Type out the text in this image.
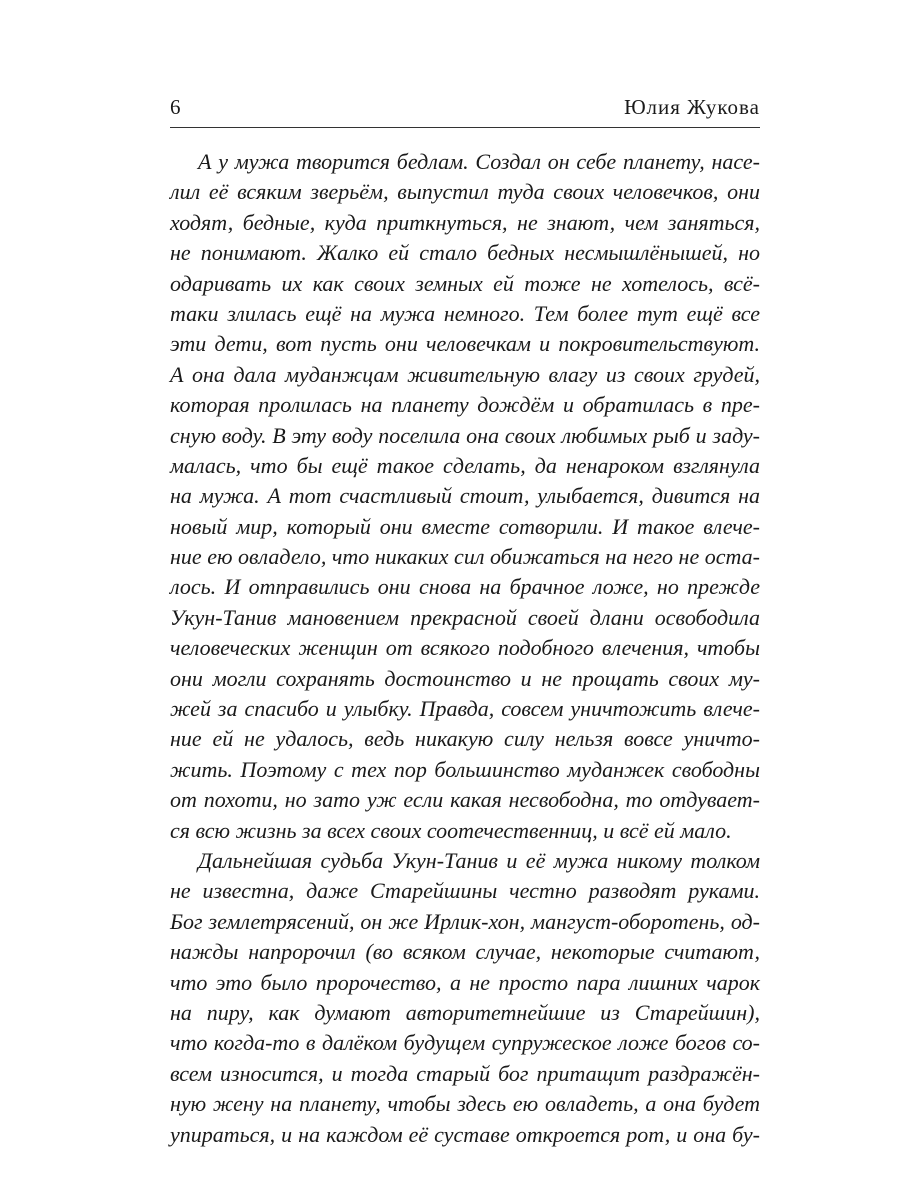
6	Юлия Жукова
А у мужа творится бедлам. Создал он себе планету, насе-
лил её всяким зверьём, выпустил туда своих человечков, они
ходят, бедные, куда приткнуться, не знают, чем заняться,
не понимают. Жалко ей стало бедных несмышлёнышей, но
одаривать их как своих земных ей тоже не хотелось, всё-
таки злилась ещё на мужа немного. Тем более тут ещё все
эти дети, вот пусть они человечкам и покровительствуют.
А она дала муданжцам живительную влагу из своих грудей,
которая пролилась на планету дождём и обратилась в пре-
сную воду. В эту воду поселила она своих любимых рыб и заду-
малась, что бы ещё такое сделать, да ненароком взглянула
на мужа. А тот счастливый стоит, улыбается, дивится на
новый мир, который они вместе сотворили. И такое влече-
ние ею овладело, что никаких сил обижаться на него не оста-
лось. И отправились они снова на брачное ложе, но прежде
Укун-Танив мановением прекрасной своей длани освободила
человеческих женщин от всякого подобного влечения, чтобы
они могли сохранять достоинство и не прощать своих му-
жей за спасибо и улыбку. Правда, совсем уничтожить влече-
ние ей не удалось, ведь никакую силу нельзя вовсе уничто-
жить. Поэтому с тех пор большинство муданжек свободны
от похоти, но зато уж если какая несвободна, то отдувает-
ся всю жизнь за всех своих соотечественниц, и всё ей мало.
Дальнейшая судьба Укун-Танив и её мужа никому толком
не известна, даже Старейшины честно разводят руками.
Бог землетрясений, он же Ирлик-хон, мангуст-оборотень, од-
нажды напророчил (во всяком случае, некоторые считают,
что это было пророчество, а не просто пара лишних чарок
на пиру, как думают авторитетнейшие из Старейшин),
что когда-то в далёком будущем супружеское ложе богов со-
всем износится, и тогда старый бог притащит раздражён-
ную жену на планету, чтобы здесь ею овладеть, а она будет
упираться, и на каждом её суставе откроется рот, и она бу-
